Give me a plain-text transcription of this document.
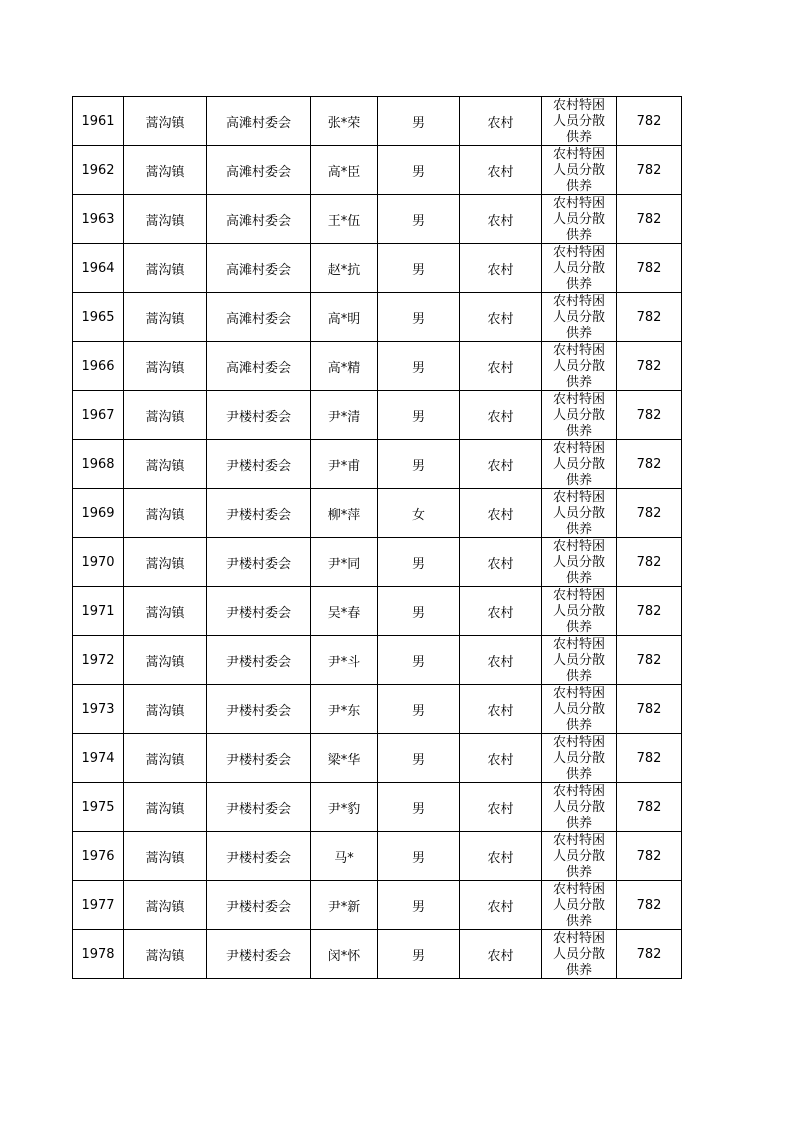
1961	蒿沟镇	高滩村委会	张*荣	男	农村	农村特困人员分散供养	782
1962	蒿沟镇	高滩村委会	高*臣	男	农村	农村特困人员分散供养	782
1963	蒿沟镇	高滩村委会	王*伍	男	农村	农村特困人员分散供养	782
1964	蒿沟镇	高滩村委会	赵*抗	男	农村	农村特困人员分散供养	782
1965	蒿沟镇	高滩村委会	高*明	男	农村	农村特困人员分散供养	782
1966	蒿沟镇	高滩村委会	高*精	男	农村	农村特困人员分散供养	782
1967	蒿沟镇	尹楼村委会	尹*清	男	农村	农村特困人员分散供养	782
1968	蒿沟镇	尹楼村委会	尹*甫	男	农村	农村特困人员分散供养	782
1969	蒿沟镇	尹楼村委会	柳*萍	女	农村	农村特困人员分散供养	782
1970	蒿沟镇	尹楼村委会	尹*同	男	农村	农村特困人员分散供养	782
1971	蒿沟镇	尹楼村委会	吴*春	男	农村	农村特困人员分散供养	782
1972	蒿沟镇	尹楼村委会	尹*斗	男	农村	农村特困人员分散供养	782
1973	蒿沟镇	尹楼村委会	尹*东	男	农村	农村特困人员分散供养	782
1974	蒿沟镇	尹楼村委会	梁*华	男	农村	农村特困人员分散供养	782
1975	蒿沟镇	尹楼村委会	尹*豹	男	农村	农村特困人员分散供养	782
1976	蒿沟镇	尹楼村委会	马*	男	农村	农村特困人员分散供养	782
1977	蒿沟镇	尹楼村委会	尹*新	男	农村	农村特困人员分散供养	782
1978	蒿沟镇	尹楼村委会	闵*怀	男	农村	农村特困人员分散供养	782
